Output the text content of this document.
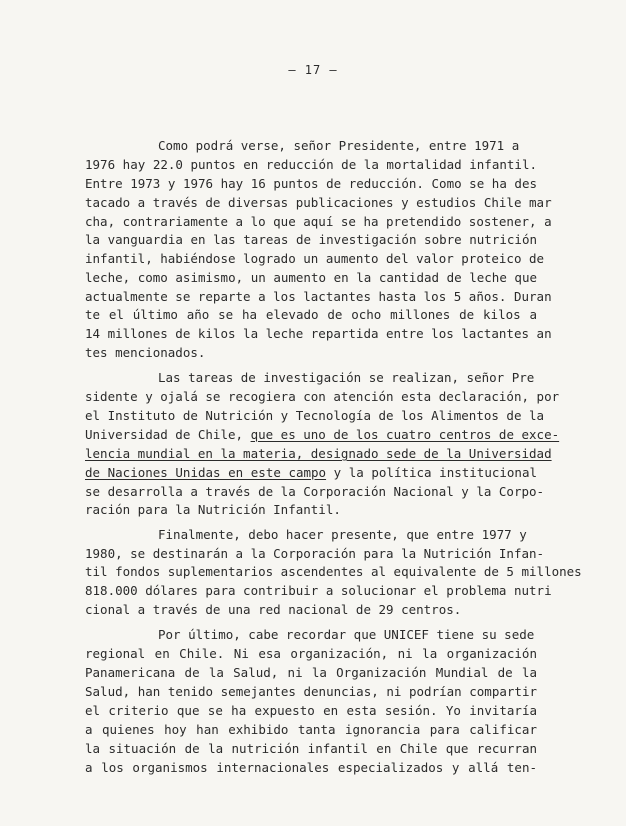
— 17 —
Como podrá verse, señor Presidente, entre 1971 a
1976 hay 22.0 puntos en reducción de la mortalidad infantil.
Entre 1973 y 1976 hay 16 puntos de reducción. Como se ha des
tacado a través de diversas publicaciones y estudios Chile mar
cha, contrariamente a lo que aquí se ha pretendido sostener, a
la vanguardia en las tareas de investigación sobre nutrición
infantil, habiéndose logrado un aumento del valor proteico de
leche, como asimismo, un aumento en la cantidad de leche que
actualmente se reparte a los lactantes hasta los 5 años. Duran
te el último año se ha elevado de ocho millones de kilos a
14 millones de kilos la leche repartida entre los lactantes an
tes mencionados.
Las tareas de investigación se realizan, señor Pre
sidente y ojalá se recogiera con atención esta declaración, por
el Instituto de Nutrición y Tecnología de los Alimentos de la
Universidad de Chile, que es uno de los cuatro centros de exce-
lencia mundial en la materia, designado sede de la Universidad
de Naciones Unidas en este campo y la política institucional
se desarrolla a través de la Corporación Nacional y la Corpo-
ración para la Nutrición Infantil.
Finalmente, debo hacer presente, que entre 1977 y
1980, se destinarán a la Corporación para la Nutrición Infan-
til fondos suplementarios ascendentes al equivalente de 5 millones
818.000 dólares para contribuir a solucionar el problema nutri
cional a través de una red nacional de 29 centros.
Por último, cabe recordar que UNICEF tiene su sede
regional en Chile. Ni esa organización, ni la organización
Panamericana de la Salud, ni la Organización Mundial de la
Salud, han tenido semejantes denuncias, ni podrían compartir
el criterio que se ha expuesto en esta sesión. Yo invitaría
a quienes hoy han exhibido tanta ignorancia para calificar
la situación de la nutrición infantil en Chile que recurran
a los organismos internacionales especializados y allá ten-
